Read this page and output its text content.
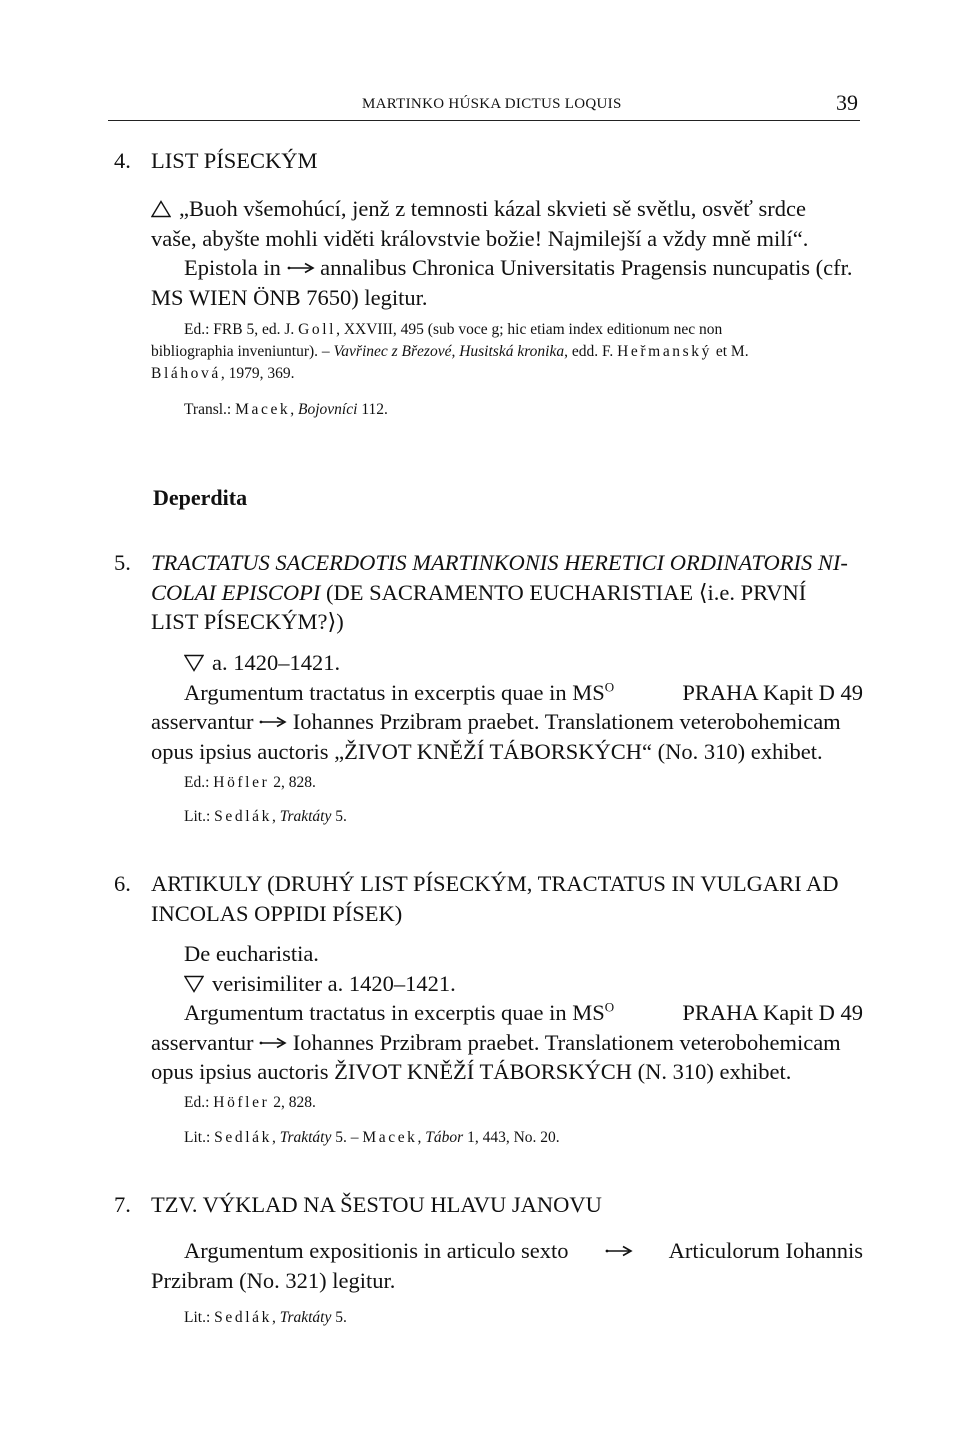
MARTINKO HÚSKA DICTUS LOQUIS	39
4. LIST PÍSECKÝM
„Buoh všemohúcí, jenž z temnosti kázal skvieti sě světlu, osvěť srdce
vaše, abyšte mohli viděti královstvie božie! Najmilejší a vždy mně milí“.
Epistola in annalibus Chronica Universitatis Pragensis nuncupatis (cfr.
MS WIEN ÖNB 7650) legitur.
Ed.: FRB 5, ed. J. Goll, XXVIII, 495 (sub voce g; hic etiam index editionum nec non
bibliographia inveniuntur). – Vavřinec z Březové, Husitská kronika, edd. F. Heřmanský et M.
Bláhová, 1979, 369.
Transl.: Macek, Bojovníci 112.
Deperdita
5. TRACTATUS SACERDOTIS MARTINKONIS HERETICI ORDINATORIS NI-
COLAI EPISCOPI (DE SACRAMENTO EUCHARISTIAE ⟨i.e. PRVNÍ
LIST PÍSECKÝM?⟩)
a. 1420–1421.
Argumentum tractatus in excerptis quae in $MS^O$	PRAHA Kapit D 49
asservantur Iohannes Przibram praebet. Translationem veterobohemicam
opus ipsius auctoris „ŽIVOT KNĚŽÍ TÁBORSKÝCH“ (No. 310) exhibet.
Ed.: Höfler 2, 828.
Lit.: Sedlák, Traktáty 5.
6. ARTIKULY (DRUHÝ LIST PÍSECKÝM, TRACTATUS IN VULGARI AD
INCOLAS OPPIDI PÍSEK)
De eucharistia.
verisimiliter a. 1420–1421.
Argumentum tractatus in excerptis quae in $MS^O$	PRAHA Kapit D 49
asservantur Iohannes Przibram praebet. Translationem veterobohemicam
opus ipsius auctoris ŽIVOT KNĚŽÍ TÁBORSKÝCH (N. 310) exhibet.
Ed.: Höfler 2, 828.
Lit.: Sedlák, Traktáty 5. – Macek, Tábor 1, 443, No. 20.
7. TZV. VÝKLAD NA ŠESTOU HLAVU JANOVU
Argumentum expositionis in articulo sexto	Articulorum Iohannis
Przibram (No. 321) legitur.
Lit.: Sedlák, Traktáty 5.
